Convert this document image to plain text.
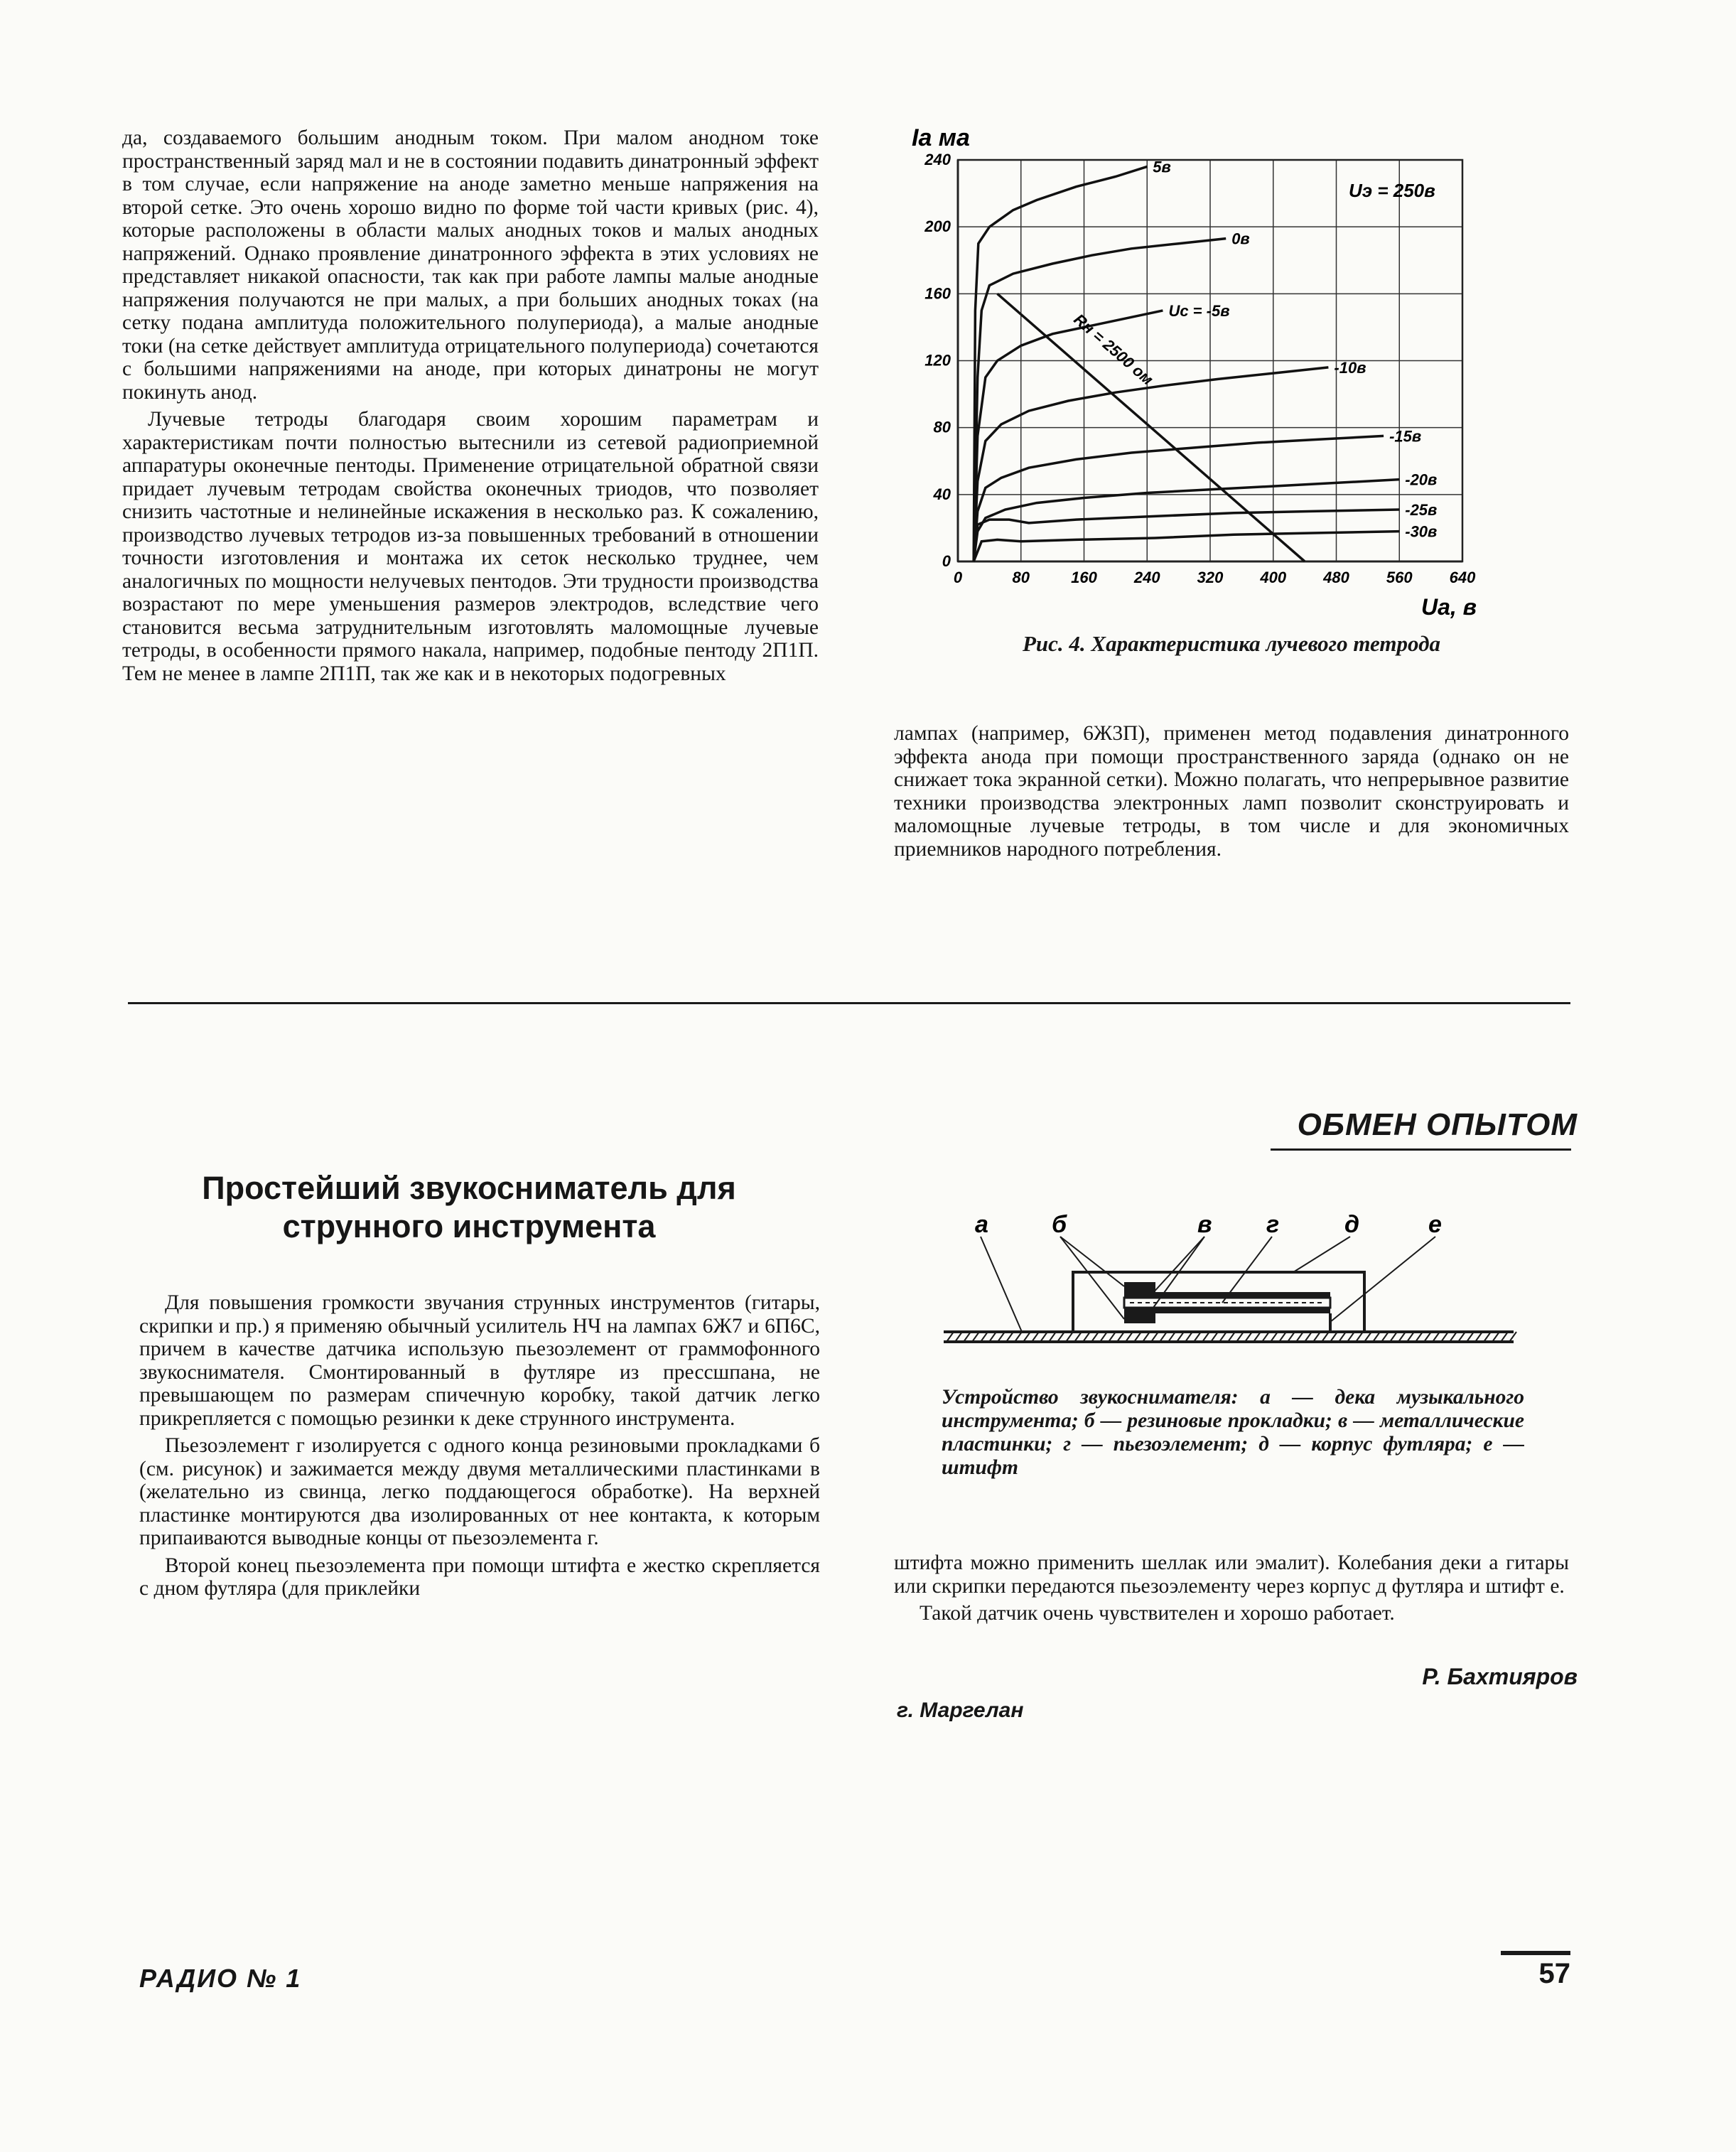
да, создаваемого большим анодным током. При малом анодном токе пространственный заряд мал и не в состоянии подавить динатронный эффект в том случае, если напряжение на аноде заметно меньше напряжения на второй сетке. Это очень хорошо видно по форме той части кривых (рис. 4), которые расположены в области малых анодных токов и малых анодных напряжений. Однако проявление динатронного эффекта в этих условиях не представляет никакой опасности, так как при работе лампы малые анодные напряжения получаются не при малых, а при больших анодных токах (на сетку подана амплитуда положительного полупериода), а малые анодные токи (на сетке действует амплитуда отрицательного полупериода) сочетаются с большими напряжениями на аноде, при которых динатроны не могут покинуть анод.

Лучевые тетроды благодаря своим хорошим параметрам и характеристикам почти полностью вытеснили из сетевой радиоприемной аппаратуры оконечные пентоды. Применение отрицательной обратной связи придает лучевым тетродам свойства оконечных триодов, что позволяет снизить частотные и нелинейные искажения в несколько раз. К сожалению, производство лучевых тетродов из-за повышенных требований в отношении точности изготовления и монтажа их сеток несколько труднее, чем аналогичных по мощности нелучевых пентодов. Эти трудности производства возрастают по мере уменьшения размеров электродов, вследствие чего становится весьма затруднительным изготовлять маломощные лучевые тетроды, в особенности прямого накала, например, подобные пентоду 2П1П. Тем не менее в лампе 2П1П, так же как и в некоторых подогревных

0	80	160 240 320 400 480 560 640
0
40
80
120
160
200
240
Iа ма
Uа, в
Uэ = 250в
5в
0в
Uс = -5в
-10в
-15в
-20в
-25в
-30в
Rн = 2500 ом
Рис. 4. Характеристика лучевого тетрода

лампах (например, 6Ж3П), применен метод подавления динатронного эффекта анода при помощи пространственного заряда (однако он не снижает тока экранной сетки). Можно полагать, что непрерывное развитие техники производства электронных ламп позволит сконструировать и маломощные лучевые тетроды, в том числе и для экономичных приемников народного потребления.

ОБМЕН ОПЫТОМ
Простейший звукосниматель для струнного инструмента

Для повышения громкости звучания струнных инструментов (гитары, скрипки и пр.) я применяю обычный усилитель НЧ на лампах 6Ж7 и 6П6С, причем в качестве датчика использую пьезоэлемент от граммофонного звукоснимателя. Смонтированный в футляре из прессшпана, не превышающем по размерам спичечную коробку, такой датчик легко прикрепляется с помощью резинки к деке струнного инструмента.

Пьезоэлемент г изолируется с одного конца резиновыми прокладками б (см. рисунок) и зажимается между двумя металлическими пластинками в (желательно из свинца, легко поддающегося обработке). На верхней пластинке монтируются два изолированных от нее контакта, к которым припаиваются выводные концы от пьезоэлемента г.

Второй конец пьезоэлемента при помощи штифта е жестко скрепляется с дном футляра (для приклейки

а	б	в г	д	е
Устройство звукоснимателя: а — дека музыкального инструмента; б — резиновые прокладки; в — металлические пластинки; г — пьезоэлемент; д — корпус футляра; е — штифт

штифта можно применить шеллак или эмалит). Колебания деки а гитары или скрипки передаются пьезоэлементу через корпус д футляра и штифт е.

Такой датчик очень чувствителен и хорошо работает.

Р. Бахтияров
г. Маргелан
РАДИО № 1	57
